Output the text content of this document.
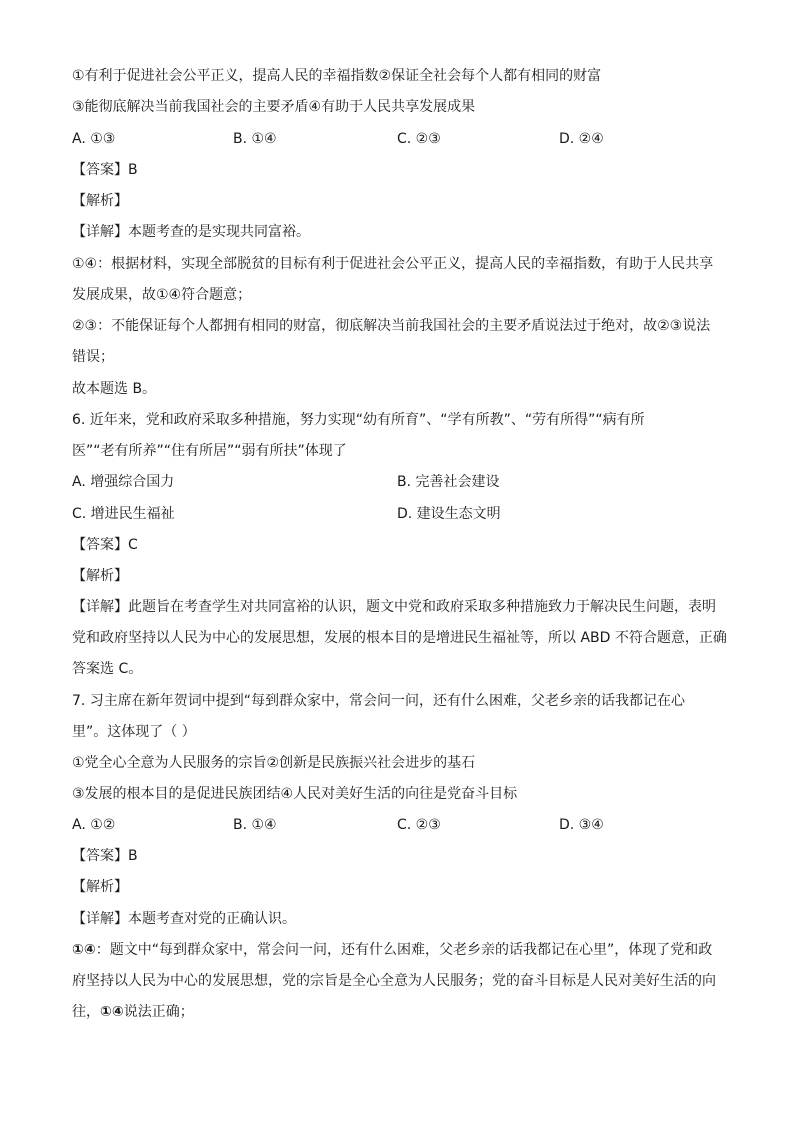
①有利于促进社会公平正义，提高人民的幸福指数②保证全社会每个人都有相同的财富
③能彻底解决当前我国社会的主要矛盾④有助于人民共享发展成果
A. ①③	B. ①④	C. ②③	D. ②④
【答案】B
【解析】
【详解】本题考查的是实现共同富裕。
①④：根据材料，实现全部脱贫的目标有利于促进社会公平正义，提高人民的幸福指数，有助于人民共享
发展成果，故①④符合题意；
②③：不能保证每个人都拥有相同的财富，彻底解决当前我国社会的主要矛盾说法过于绝对，故②③说法
错误；
故本题选 B。
6. 近年来，党和政府采取多种措施，努力实现“幼有所育”、“学有所教”、“劳有所得”“病有所
医”“老有所养”“住有所居”“弱有所扶”体现了
A. 增强综合国力	B. 完善社会建设
C. 增进民生福祉	D. 建设生态文明
【答案】C
【解析】
【详解】此题旨在考查学生对共同富裕的认识，题文中党和政府采取多种措施致力于解决民生问题，表明
党和政府坚持以人民为中心的发展思想，发展的根本目的是增进民生福祉等，所以 ABD 不符合题意，正确
答案选 C。
7. 习主席在新年贺词中提到“每到群众家中，常会问一问，还有什么困难，父老乡亲的话我都记在心
里”。这体现了（ ）
①党全心全意为人民服务的宗旨②创新是民族振兴社会进步的基石
③发展的根本目的是促进民族团结④人民对美好生活的向往是党奋斗目标
A. ①②	B. ①④	C. ②③	D. ③④
【答案】B
【解析】
【详解】本题考查对党的正确认识。
①④：题文中“每到群众家中，常会问一问，还有什么困难，父老乡亲的话我都记在心里”，体现了党和政
府坚持以人民为中心的发展思想，党的宗旨是全心全意为人民服务；党的奋斗目标是人民对美好生活的向
往，①④说法正确；
